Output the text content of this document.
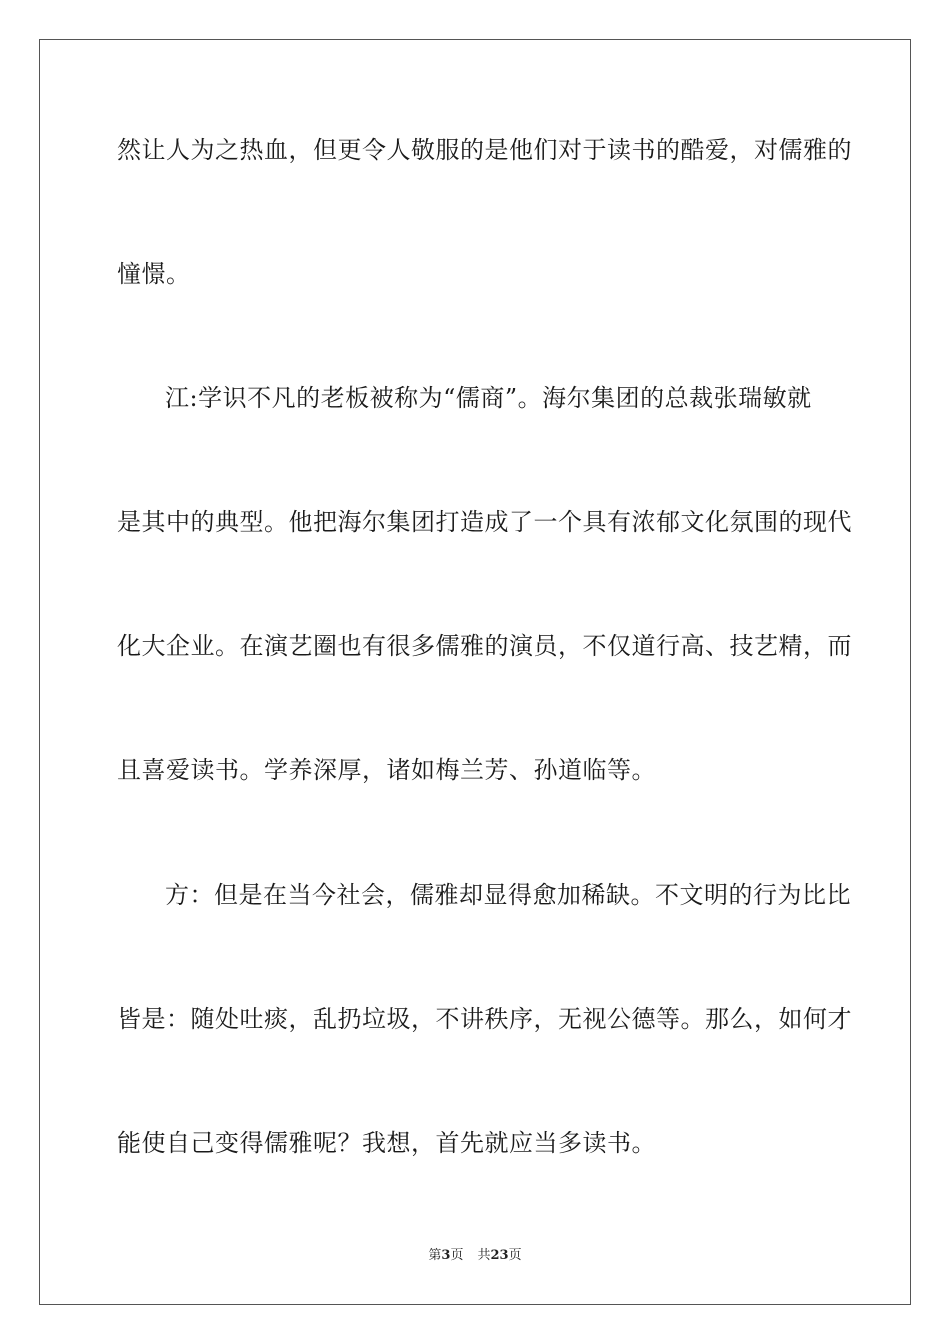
然让人为之热血，但更令人敬服的是他们对于读书的酷爱，对儒雅的
憧憬。
江:学识不凡的老板被称为“儒商”。海尔集团的总裁张瑞敏就
是其中的典型。他把海尔集团打造成了一个具有浓郁文化氛围的现代
化大企业。在演艺圈也有很多儒雅的演员，不仅道行高、技艺精，而
且喜爱读书。学养深厚，诸如梅兰芳、孙道临等。
方：但是在当今社会，儒雅却显得愈加稀缺。不文明的行为比比
皆是：随处吐痰，乱扔垃圾，不讲秩序，无视公德等。那么，如何才
能使自己变得儒雅呢？我想，首先就应当多读书。
第3页 共23页
